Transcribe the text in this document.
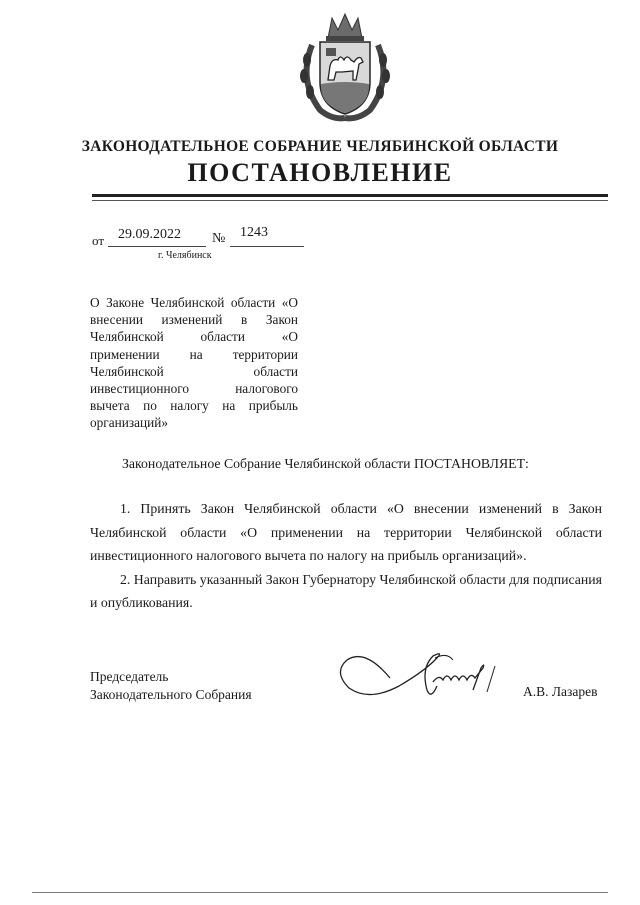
ЗАКОНОДАТЕЛЬНОЕ СОБРАНИЕ ЧЕЛЯБИНСКОЙ ОБЛАСТИ
ПОСТАНОВЛЕНИЕ
от 29.09.2022 № 1243
г. Челябинск
О Законе Челябинской области «О внесении изменений в Закон Челябинской области «О применении на территории Челябинской области инвестиционного налогового вычета по налогу на прибыль организаций»
Законодательное Собрание Челябинской области ПОСТАНОВЛЯЕТ:

1. Принять Закон Челябинской области «О внесении изменений в Закон Челябинской области «О применении на территории Челябинской области инвестиционного налогового вычета по налогу на прибыль организаций».

2. Направить указанный Закон Губернатору Челябинской области для подписания и опубликования.

Председатель
Законодательного Собрания	А.В. Лазарев
